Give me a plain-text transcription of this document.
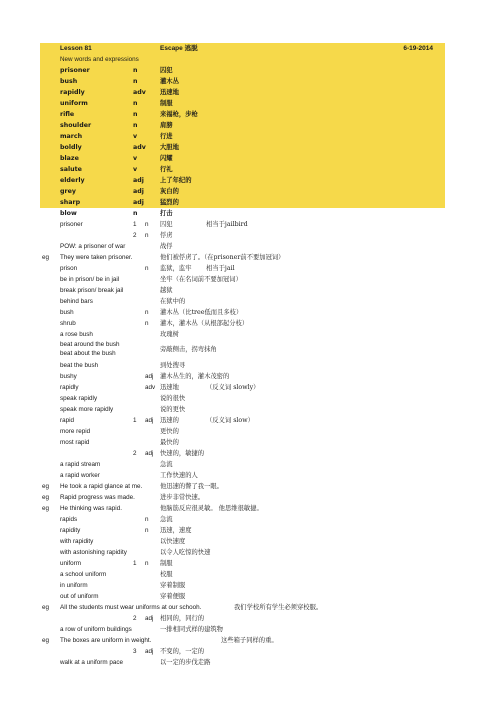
Lesson 81	Escape 逃脱	6-19-2014
New words and expressions
prisoner	n	囚犯
bush	n	灌木丛
rapidly	adv 迅速地
uniform	n	制服
rifle	n	来福枪，步枪
shoulder	n	肩膀
march	v	行进
boldly	adv 大胆地
blaze	v	闪耀
salute	v	行礼
elderly	adj	上了年纪的
grey	adj	灰白的
sharp	adj	猛烈的
blow	n	打击
prisoner	1 n 囚犯	相当于jailbird
2 n 俘虏
POW: a prisoner of war	战俘
eg They were taken prisoner.	他们被俘虏了。（在prisoner前不要加冠词）
prison	n 监狱，监牢 相当于jail
be in prison/ be in jail	坐牢（在名词前不要加冠词）
break prison/ break jail	越狱
behind bars	在狱中的
bush	n 灌木丛（比tree低而且多枝）
shrub	n 灌木，灌木丛（从根部起分枝）
a rose bush	玫瑰树
beat around the bush
beat about the bush
旁敲侧击，拐弯抹角
beat the bush	到处搜寻
bushy	adj 灌木丛生的，灌木茂密的
rapidly	adv 迅速地	（反义词 slowly）
speak rapidly	说的很快
speak more rapidly	说的更快
rapid	1 adj 迅速的	（反义词 slow）
more repid	更快的
most rapid	最快的
2 adj 快速的，敏捷的
a rapid stream	急流
a rapid worker	工作快速的人
eg He took a rapid glance at me.	他迅速的瞥了我一眼。
eg Rapid progress was made.	进步非常快速。
eg He thinking was rapid.	他脑筋反应很灵敏。 他思维很敏捷。
rapids	n 急流
rapidity	n 迅速，速度
with rapidity	以快速度
with astonishing rapidity	以令人吃惊的快速
uniform	1 n 制服
a school uniform	校服
in uniform	穿着制服
out of uniform	穿着便服
eg All the students must wear uniforms at our schooh.	我们学校所有学生必须穿校服。
2 adj 相同的，同行的
a row of uniform buildings	一排相同式样的建筑物
eg The boxes are uniform in weight.	这些箱子同样的重。
3 adj 不变的，一定的
walk at a uniform pace	以一定的步伐走路
